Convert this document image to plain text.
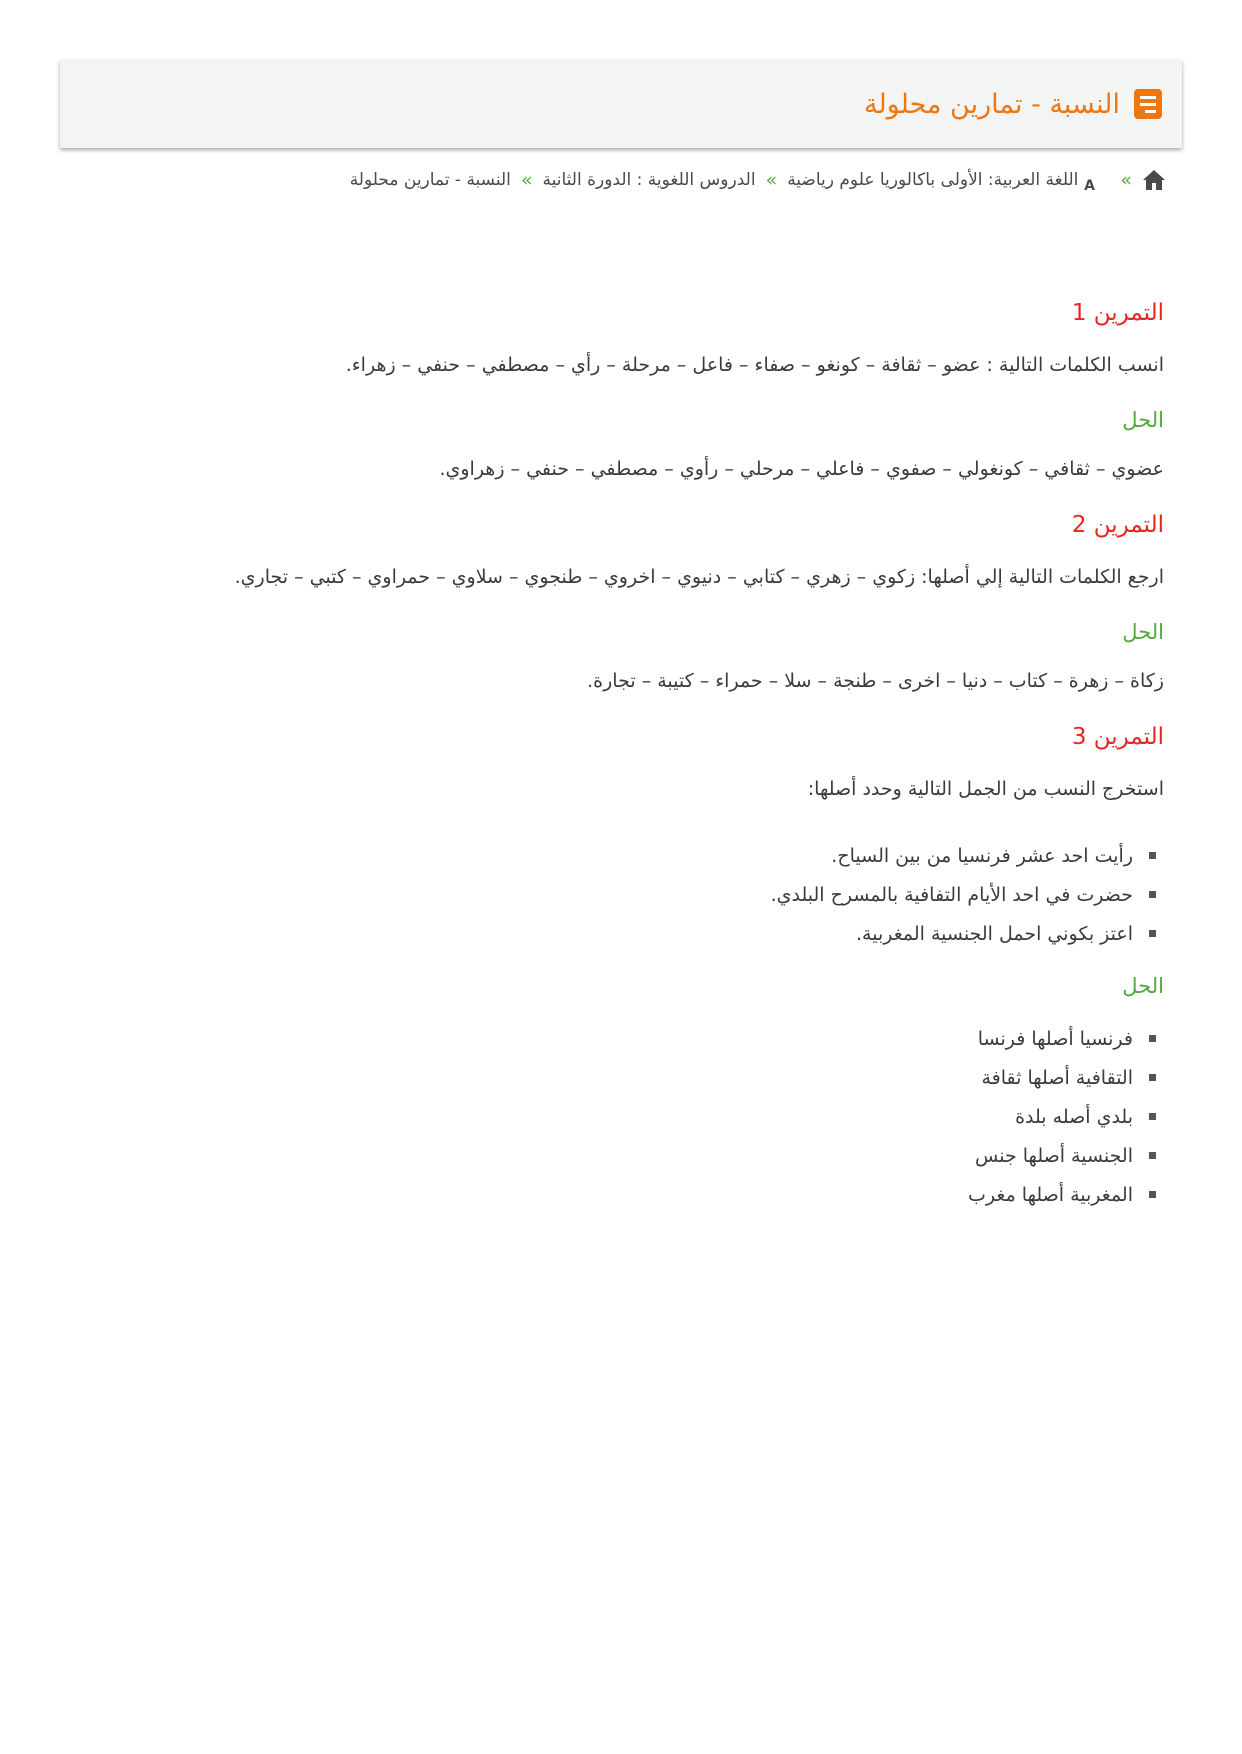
النسبة - تمارين محلولة
»
A
اللغة العربية: الأولى باكالوريا علوم رياضية
»
الدروس اللغوية : الدورة الثانية
»
النسبة - تمارين محلولة
التمرين 1

انسب الكلمات التالية : عضو – ثقافة – كونغو – صفاء – فاعل – مرحلة – رأي – مصطفي – حنفي – زهراء.

الحل

عضوي – ثقافي – كونغولي – صفوي – فاعلي – مرحلي – رأوي – مصطفي – حنفي – زهراوي.

التمرين 2

ارجع الكلمات التالية إلي أصلها: زكوي – زهري – كتابي – دنيوي – اخروي – طنجوي – سلاوي – حمراوي – كتبي – تجاري.

الحل

زكاة – زهرة – كتاب – دنيا – اخرى – طنجة – سلا – حمراء – كتيبة – تجارة.

التمرين 3

استخرج النسب من الجمل التالية وحدد أصلها:

رأيت احد عشر فرنسيا من بين السياح.
حضرت في احد الأيام التفافية بالمسرح البلدي.
اعتز بكوني احمل الجنسية المغربية.
الحل
فرنسيا أصلها فرنسا
التقافية أصلها ثقافة
بلدي أصله بلدة
الجنسية أصلها جنس
المغربية أصلها مغرب
